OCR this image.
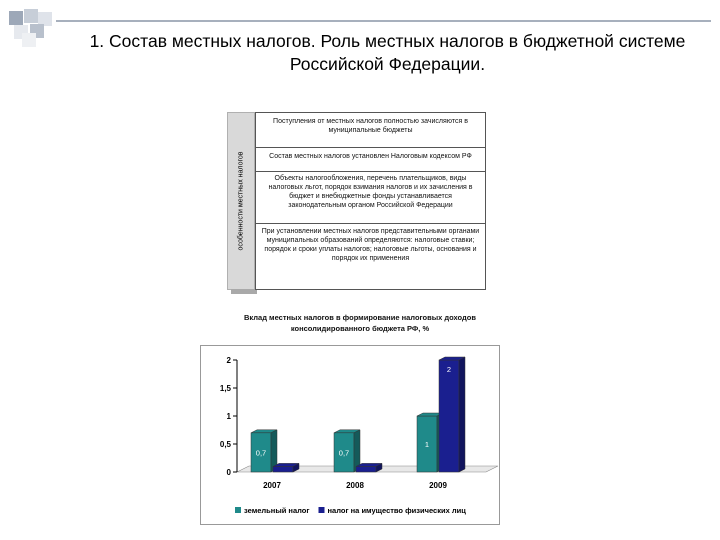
1. Состав местных налогов. Роль местных налогов в бюджетной системе Российской Федерации.
особенности местных налогов
Поступления от местных налогов полностью зачисляются в муниципальные бюджеты
Состав местных налогов установлен Налоговым кодексом РФ
Объекты налогообложения, перечень плательщиков, виды налоговых льгот, порядок взимания налогов и их зачисления в бюджет и внебюджетные фонды устанавливается законодательным органом Российской Федерации
При установлении местных налогов представительными органами муниципальных образований определяются: налоговые ставки; порядок и сроки уплаты налогов; налоговые льготы, основания и порядок их применения
Вклад местных налогов в формирование налоговых доходов консолидированного бюджета РФ, %
0
0,5
1
1,5
2
0,7
2007
0,7
2008
1
2
2009
земельный налог налог на имущество физических лиц
